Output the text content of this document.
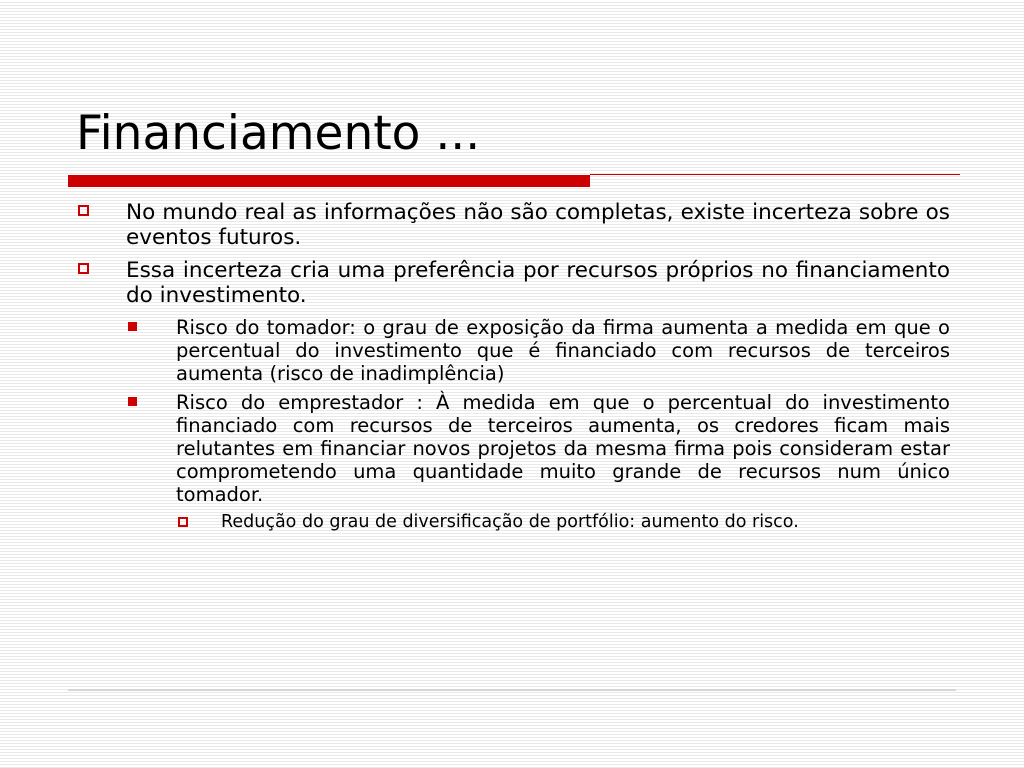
Financiamento ...
No mundo real as informações não são completas, existe incerteza sobre os eventos futuros.
Essa incerteza cria uma preferência por recursos próprios no financiamento do investimento.
Risco do tomador: o grau de exposição da firma aumenta a medida em que o percentual do investimento que é financiado com recursos de terceiros aumenta (risco de inadimplência)
Risco do emprestador : À medida em que o percentual do investimento financiado com recursos de terceiros aumenta, os credores ficam mais relutantes em financiar novos projetos da mesma firma pois consideram estar comprometendo uma quantidade muito grande de recursos num único tomador.
Redução do grau de diversificação de portfólio: aumento do risco.
